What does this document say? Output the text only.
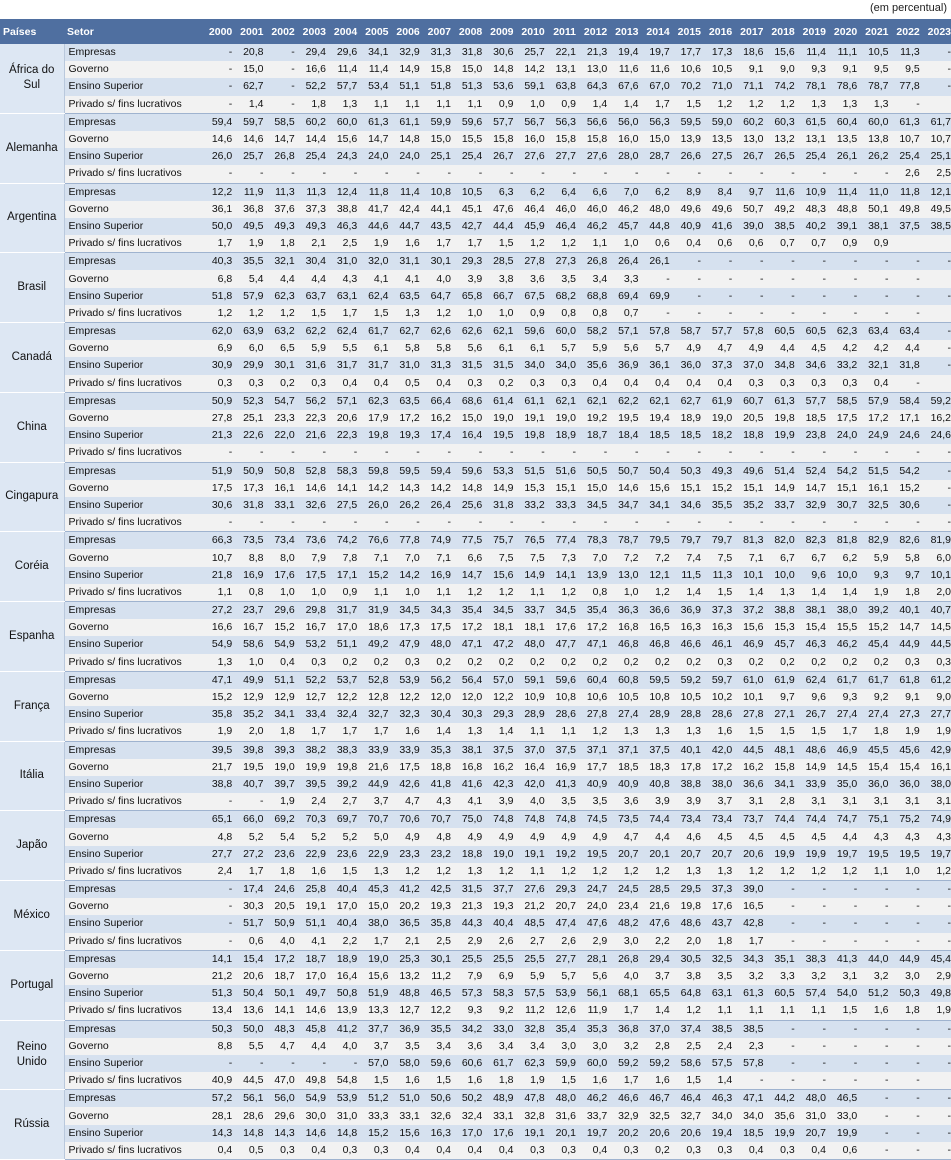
(em percentual)
Países	Setor	2000	2001	2002	2003	2004	2005	2006	2007	2008	2009	2010	2011	2012	2013	2014	2015	2016	2017	2018	2019	2020	2021	2022	2023
África do Sul	Empresas	-	20,8	-	29,4	29,6	34,1	32,9	31,3	31,8	30,6	25,7	22,1	21,3	19,4	19,7	17,7	17,3	18,6	15,6	11,4	11,1	10,5	11,3	-
	Governo	-	15,0	-	16,6	11,4	11,4	14,9	15,8	15,0	14,8	14,2	13,1	13,0	11,6	11,6	10,6	10,5	9,1	9,0	9,3	9,1	9,5	9,5	-
	Ensino Superior	-	62,7	-	52,2	57,7	53,4	51,1	51,8	51,3	53,6	59,1	63,8	64,3	67,6	67,0	70,2	71,0	71,1	74,2	78,1	78,6	78,7	77,8	-
	Privado s/ fins lucrativos	-	1,4	-	1,8	1,3	1,1	1,1	1,1	1,1	0,9	1,0	0,9	1,4	1,4	1,7	1,5	1,2	1,2	1,2	1,3	1,3	1,3	-	
Alemanha	Empresas	59,4	59,7	58,5	60,2	60,0	61,3	61,1	59,9	59,6	57,7	56,7	56,3	56,6	56,0	56,3	59,5	59,0	60,2	60,3	61,5	60,4	60,0	61,3	61,7
	Governo	14,6	14,6	14,7	14,4	15,6	14,7	14,8	15,0	15,5	15,8	16,0	15,8	15,8	16,0	15,0	13,9	13,5	13,0	13,2	13,1	13,5	13,8	10,7	10,7
	Ensino Superior	26,0	25,7	26,8	25,4	24,3	24,0	24,0	25,1	25,4	26,7	27,6	27,7	27,6	28,0	28,7	26,6	27,5	26,7	26,5	25,4	26,1	26,2	25,4	25,1
	Privado s/ fins lucrativos	-	-	-	-	-	-	-	-	-	-	-	-	-	-	-	-	-	-	-	-	-	-	2,6	2,5
Argentina	Empresas	12,2	11,9	11,3	11,3	12,4	11,8	11,4	10,8	10,5	6,3	6,2	6,4	6,6	7,0	6,2	8,9	8,4	9,7	11,6	10,9	11,4	11,0	11,8	12,1
	Governo	36,1	36,8	37,6	37,3	38,8	41,7	42,4	44,1	45,1	47,6	46,4	46,0	46,0	46,2	48,0	49,6	49,6	50,7	49,2	48,3	48,8	50,1	49,8	49,5
	Ensino Superior	50,0	49,5	49,3	49,3	46,3	44,6	44,7	43,5	42,7	44,4	45,9	46,4	46,2	45,7	44,8	40,9	41,6	39,0	38,5	40,2	39,1	38,1	37,5	38,5
	Privado s/ fins lucrativos	1,7	1,9	1,8	2,1	2,5	1,9	1,6	1,7	1,7	1,5	1,2	1,2	1,1	1,0	0,6	0,4	0,6	0,6	0,7	0,7	0,9	0,9		
Brasil	Empresas	40,3	35,5	32,1	30,4	31,0	32,0	31,1	30,1	29,3	28,5	27,8	27,3	26,8	26,4	26,1	-	-	-	-	-	-	-	-	-
	Governo	6,8	5,4	4,4	4,4	4,3	4,1	4,1	4,0	3,9	3,8	3,6	3,5	3,4	3,3	-	-	-	-	-	-	-	-	-	
	Ensino Superior	51,8	57,9	62,3	63,7	63,1	62,4	63,5	64,7	65,8	66,7	67,5	68,2	68,8	69,4	69,9	-	-	-	-	-	-	-	-	-
	Privado s/ fins lucrativos	1,2	1,2	1,2	1,5	1,7	1,5	1,3	1,2	1,0	1,0	0,9	0,8	0,8	0,7	-	-	-	-	-	-	-	-	-	
Canadá	Empresas	62,0	63,9	63,2	62,2	62,4	61,7	62,7	62,6	62,6	62,1	59,6	60,0	58,2	57,1	57,8	58,7	57,7	57,8	60,5	60,5	62,3	63,4	63,4	-
	Governo	6,9	6,0	6,5	5,9	5,5	6,1	5,8	5,8	5,6	6,1	6,1	5,7	5,9	5,6	5,7	4,9	4,7	4,9	4,4	4,5	4,2	4,2	4,4	-
	Ensino Superior	30,9	29,9	30,1	31,6	31,7	31,7	31,0	31,3	31,5	31,5	34,0	34,0	35,6	36,9	36,1	36,0	37,3	37,0	34,8	34,6	33,2	32,1	31,8	-
	Privado s/ fins lucrativos	0,3	0,3	0,2	0,3	0,4	0,4	0,5	0,4	0,3	0,2	0,3	0,3	0,4	0,4	0,4	0,4	0,4	0,3	0,3	0,3	0,3	0,4	-	
China	Empresas	50,9	52,3	54,7	56,2	57,1	62,3	63,5	66,4	68,6	61,4	61,1	62,1	62,1	62,2	62,1	62,7	61,9	60,7	61,3	57,7	58,5	57,9	58,4	59,2
	Governo	27,8	25,1	23,3	22,3	20,6	17,9	17,2	16,2	15,0	19,0	19,1	19,0	19,2	19,5	19,4	18,9	19,0	20,5	19,8	18,5	17,5	17,2	17,1	16,2
	Ensino Superior	21,3	22,6	22,0	21,6	22,3	19,8	19,3	17,4	16,4	19,5	19,8	18,9	18,7	18,4	18,5	18,5	18,2	18,8	19,9	23,8	24,0	24,9	24,6	24,6
	Privado s/ fins lucrativos	-	-	-	-	-	-	-	-	-	-	-	-	-	-	-	-	-	-	-	-	-	-	-	-
Cingapura	Empresas	51,9	50,9	50,8	52,8	58,3	59,8	59,5	59,4	59,6	53,3	51,5	51,6	50,5	50,7	50,4	50,3	49,3	49,6	51,4	52,4	54,2	51,5	54,2	-
	Governo	17,5	17,3	16,1	14,6	14,1	14,2	14,3	14,2	14,8	14,9	15,3	15,1	15,0	14,6	15,6	15,1	15,2	15,1	14,9	14,7	15,1	16,1	15,2	-
	Ensino Superior	30,6	31,8	33,1	32,6	27,5	26,0	26,2	26,4	25,6	31,8	33,2	33,3	34,5	34,7	34,1	34,6	35,5	35,2	33,7	32,9	30,7	32,5	30,6	-
	Privado s/ fins lucrativos	-	-	-	-	-	-	-	-	-	-	-	-	-	-	-	-	-	-	-	-	-	-	-	-
Coréia	Empresas	66,3	73,5	73,4	73,6	74,2	76,6	77,8	74,9	77,5	75,7	76,5	77,4	78,3	78,7	79,5	79,7	79,7	81,3	82,0	82,3	81,8	82,9	82,6	81,9
	Governo	10,7	8,8	8,0	7,9	7,8	7,1	7,0	7,1	6,6	7,5	7,5	7,3	7,0	7,2	7,2	7,4	7,5	7,1	6,7	6,7	6,2	5,9	5,8	6,0
	Ensino Superior	21,8	16,9	17,6	17,5	17,1	15,2	14,2	16,9	14,7	15,6	14,9	14,1	13,9	13,0	12,1	11,5	11,3	10,1	10,0	9,6	10,0	9,3	9,7	10,1
	Privado s/ fins lucrativos	1,1	0,8	1,0	1,0	0,9	1,1	1,0	1,1	1,2	1,2	1,1	1,2	0,8	1,0	1,2	1,4	1,5	1,4	1,3	1,4	1,4	1,9	1,8	2,0
Espanha	Empresas	27,2	23,7	29,6	29,8	31,7	31,9	34,5	34,3	35,4	34,5	33,7	34,5	35,4	36,3	36,6	36,9	37,3	37,2	38,8	38,1	38,0	39,2	40,1	40,7
	Governo	16,6	16,7	15,2	16,7	17,0	18,6	17,3	17,5	17,2	18,1	18,1	17,6	17,2	16,8	16,5	16,3	16,3	15,6	15,3	15,4	15,5	15,2	14,7	14,5
	Ensino Superior	54,9	58,6	54,9	53,2	51,1	49,2	47,9	48,0	47,1	47,2	48,0	47,7	47,1	46,8	46,8	46,6	46,1	46,9	45,7	46,3	46,2	45,4	44,9	44,5
	Privado s/ fins lucrativos	1,3	1,0	0,4	0,3	0,2	0,2	0,3	0,2	0,2	0,2	0,2	0,2	0,2	0,2	0,2	0,2	0,3	0,2	0,2	0,2	0,2	0,2	0,3	0,3
França	Empresas	47,1	49,9	51,1	52,2	53,7	52,8	53,9	56,2	56,4	57,0	59,1	59,6	60,4	60,8	59,5	59,2	59,7	61,0	61,9	62,4	61,7	61,7	61,8	61,2
	Governo	15,2	12,9	12,9	12,7	12,2	12,8	12,2	12,0	12,0	12,2	10,9	10,8	10,6	10,5	10,8	10,5	10,2	10,1	9,7	9,6	9,3	9,2	9,1	9,0
	Ensino Superior	35,8	35,2	34,1	33,4	32,4	32,7	32,3	30,4	30,3	29,3	28,9	28,6	27,8	27,4	28,9	28,8	28,6	27,8	27,1	26,7	27,4	27,4	27,3	27,7
	Privado s/ fins lucrativos	1,9	2,0	1,8	1,7	1,7	1,7	1,6	1,4	1,3	1,4	1,1	1,1	1,2	1,3	1,3	1,3	1,6	1,5	1,5	1,5	1,7	1,8	1,9	1,9
Itália	Empresas	39,5	39,8	39,3	38,2	38,3	33,9	33,9	35,3	38,1	37,5	37,0	37,5	37,1	37,1	37,5	40,1	42,0	44,5	48,1	48,6	46,9	45,5	45,6	42,9
	Governo	21,7	19,5	19,0	19,9	19,8	21,6	17,5	18,8	16,8	16,2	16,4	16,9	17,7	18,5	18,3	17,8	17,2	16,2	15,8	14,9	14,5	15,4	15,4	16,1
	Ensino Superior	38,8	40,7	39,7	39,5	39,2	44,9	42,6	41,8	41,6	42,3	42,0	41,3	40,9	40,9	40,8	38,8	38,0	36,6	34,1	33,9	35,0	36,0	36,0	38,0
	Privado s/ fins lucrativos	-	-	1,9	2,4	2,7	3,7	4,7	4,3	4,1	3,9	4,0	3,5	3,5	3,6	3,9	3,9	3,7	3,1	2,8	3,1	3,1	3,1	3,1	3,1
Japão	Empresas	65,1	66,0	69,2	70,3	69,7	70,7	70,6	70,7	75,0	74,8	74,8	74,8	74,5	73,5	74,4	73,4	73,4	73,7	74,4	74,4	74,7	75,1	75,2	74,9
	Governo	4,8	5,2	5,4	5,2	5,2	5,0	4,9	4,8	4,9	4,9	4,9	4,9	4,9	4,7	4,4	4,6	4,5	4,5	4,5	4,5	4,4	4,3	4,3	4,3
	Ensino Superior	27,7	27,2	23,6	22,9	23,6	22,9	23,3	23,2	18,8	19,0	19,1	19,2	19,5	20,7	20,1	20,7	20,7	20,6	19,9	19,9	19,7	19,5	19,5	19,7
	Privado s/ fins lucrativos	2,4	1,7	1,8	1,6	1,5	1,3	1,2	1,2	1,3	1,2	1,1	1,2	1,2	1,2	1,2	1,3	1,3	1,2	1,2	1,2	1,2	1,1	1,0	1,2
México	Empresas	-	17,4	24,6	25,8	40,4	45,3	41,2	42,5	31,5	37,7	27,6	29,3	24,7	24,5	28,5	29,5	37,3	39,0	-	-	-	-	-	-
	Governo	-	30,3	20,5	19,1	17,0	15,0	20,2	19,3	21,3	19,3	21,2	20,7	24,0	23,4	21,6	19,8	17,6	16,5	-	-	-	-	-	-
	Ensino Superior	-	51,7	50,9	51,1	40,4	38,0	36,5	35,8	44,3	40,4	48,5	47,4	47,6	48,2	47,6	48,6	43,7	42,8	-	-	-	-	-	-
	Privado s/ fins lucrativos	-	0,6	4,0	4,1	2,2	1,7	2,1	2,5	2,9	2,6	2,7	2,6	2,9	3,0	2,2	2,0	1,8	1,7	-	-	-	-	-	-
Portugal	Empresas	14,1	15,4	17,2	18,7	18,9	19,0	25,3	30,1	25,5	25,5	25,5	27,7	28,1	26,8	29,4	30,5	32,5	34,3	35,1	38,3	41,3	44,0	44,9	45,4
	Governo	21,2	20,6	18,7	17,0	16,4	15,6	13,2	11,2	7,9	6,9	5,9	5,7	5,6	4,0	3,7	3,8	3,5	3,2	3,3	3,2	3,1	3,2	3,0	2,9
	Ensino Superior	51,3	50,4	50,1	49,7	50,8	51,9	48,8	46,5	57,3	58,3	57,5	53,9	56,1	68,1	65,5	64,8	63,1	61,3	60,5	57,4	54,0	51,2	50,3	49,8
	Privado s/ fins lucrativos	13,4	13,6	14,1	14,6	13,9	13,3	12,7	12,2	9,3	9,2	11,2	12,6	11,9	1,7	1,4	1,2	1,1	1,1	1,1	1,1	1,5	1,6	1,8	1,9
Reino Unido	Empresas	50,3	50,0	48,3	45,8	41,2	37,7	36,9	35,5	34,2	33,0	32,8	35,4	35,3	36,8	37,0	37,4	38,5	38,5	-	-	-	-	-	-
	Governo	8,8	5,5	4,7	4,4	4,0	3,7	3,5	3,4	3,6	3,4	3,4	3,0	3,0	3,2	2,8	2,5	2,4	2,3	-	-	-	-	-	-
	Ensino Superior	-	-	-	-	-	57,0	58,0	59,6	60,6	61,7	62,3	59,9	60,0	59,2	59,2	58,6	57,5	57,8	-	-	-	-	-	-
	Privado s/ fins lucrativos	40,9	44,5	47,0	49,8	54,8	1,5	1,6	1,5	1,6	1,8	1,9	1,5	1,6	1,7	1,6	1,5	1,4	-	-	-	-	-	-	
Rússia	Empresas	57,2	56,1	56,0	54,9	53,9	51,2	51,0	50,6	50,2	48,9	47,8	48,0	46,2	46,6	46,7	46,4	46,3	47,1	44,2	48,0	46,5	-	-	-
	Governo	28,1	28,6	29,6	30,0	31,0	33,3	33,1	32,6	32,4	33,1	32,8	31,6	33,7	32,9	32,5	32,7	34,0	34,0	35,6	31,0	33,0	-	-	-
	Ensino Superior	14,3	14,8	14,3	14,6	14,8	15,2	15,6	16,3	17,0	17,6	19,1	20,1	19,7	20,2	20,6	20,6	19,4	18,5	19,9	20,7	19,9	-	-	-
	Privado s/ fins lucrativos	0,4	0,5	0,3	0,4	0,3	0,3	0,4	0,4	0,4	0,4	0,3	0,3	0,4	0,3	0,2	0,3	0,3	0,4	0,3	0,4	0,6	-	-	-
